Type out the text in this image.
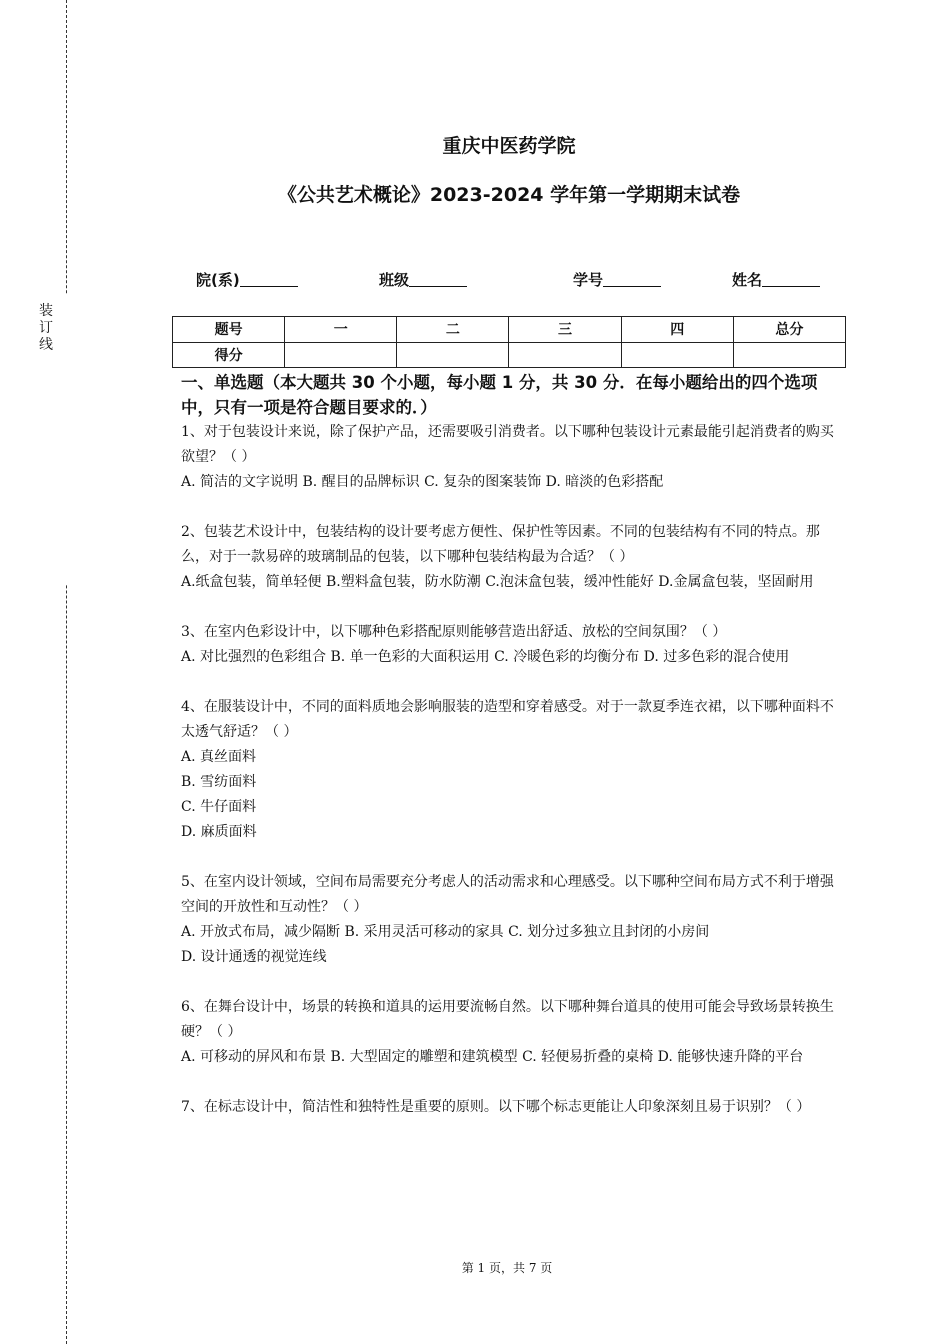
装订线
重庆中医药学院
《公共艺术概论》2023-2024 学年第一学期期末试卷
院(系)	班级	学号	姓名
题号	一	二	三	四	总分
得分					

一、单选题（本大题共 30 个小题，每小题 1 分，共 30 分．在每小题给出的四个选项中，只有一项是符合题目要求的．）

1、对于包装设计来说，除了保护产品，还需要吸引消费者。以下哪种包装设计元素最能引起消费者的购买欲望？（ ）

A. 简洁的文字说明 B. 醒目的品牌标识 C. 复杂的图案装饰 D. 暗淡的色彩搭配

2、包装艺术设计中，包装结构的设计要考虑方便性、保护性等因素。不同的包装结构有不同的特点。那么，对于一款易碎的玻璃制品的包装，以下哪种包装结构最为合适？（ ）

A.纸盒包装，简单轻便 B.塑料盒包装，防水防潮 C.泡沫盒包装，缓冲性能好 D.金属盒包装，坚固耐用

3、在室内色彩设计中，以下哪种色彩搭配原则能够营造出舒适、放松的空间氛围？（ ）

A. 对比强烈的色彩组合 B. 单一色彩的大面积运用 C. 冷暖色彩的均衡分布 D. 过多色彩的混合使用

4、在服装设计中，不同的面料质地会影响服装的造型和穿着感受。对于一款夏季连衣裙，以下哪种面料不太透气舒适？（ ）

A. 真丝面料

B. 雪纺面料

C. 牛仔面料

D. 麻质面料

5、在室内设计领域，空间布局需要充分考虑人的活动需求和心理感受。以下哪种空间布局方式不利于增强空间的开放性和互动性？（ ）

A. 开放式布局，减少隔断 B. 采用灵活可移动的家具 C. 划分过多独立且封闭的小房间

D. 设计通透的视觉连线

6、在舞台设计中，场景的转换和道具的运用要流畅自然。以下哪种舞台道具的使用可能会导致场景转换生硬？（ ）

A. 可移动的屏风和布景 B. 大型固定的雕塑和建筑模型 C. 轻便易折叠的桌椅 D. 能够快速升降的平台

7、在标志设计中，简洁性和独特性是重要的原则。以下哪个标志更能让人印象深刻且易于识别？（ ）

第 1 页，共 7 页
